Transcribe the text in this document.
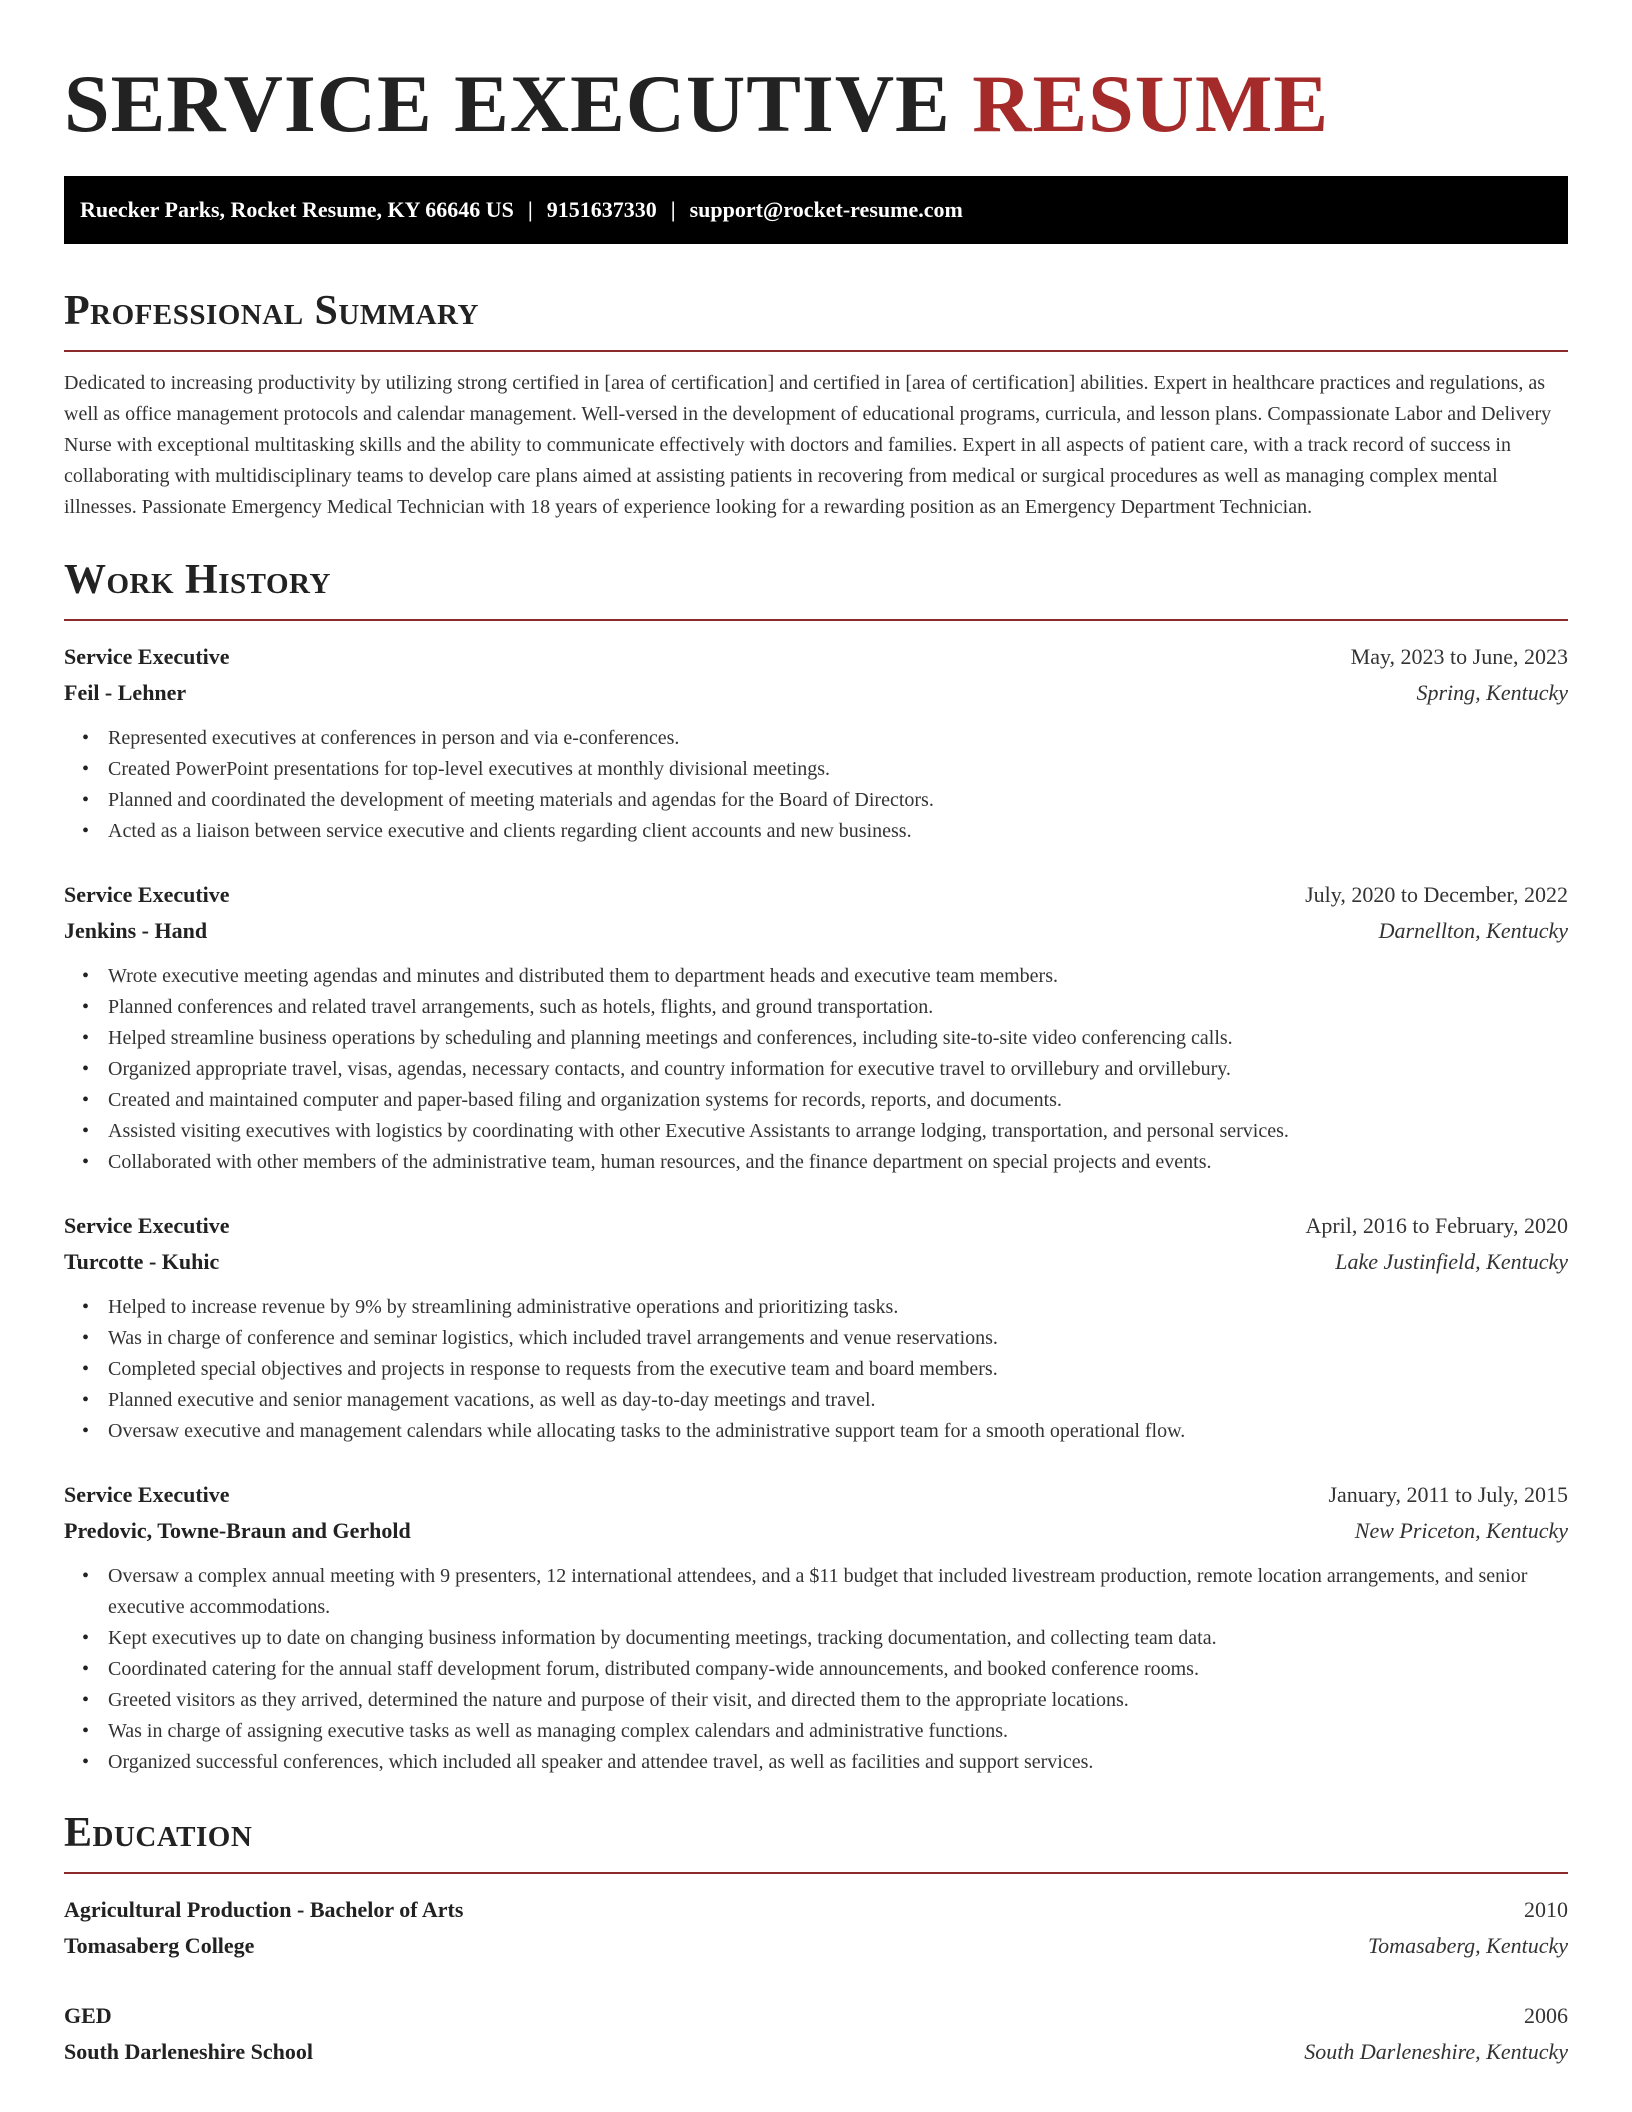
SERVICE EXECUTIVE RESUME
Ruecker Parks, Rocket Resume, KY 66646 US | 9151637330 | support@rocket-resume.com
Professional Summary

Dedicated to increasing productivity by utilizing strong certified in [area of certification] and certified in [area of certification] abilities. Expert in healthcare practices and regulations, as well as office management protocols and calendar management. Well-versed in the development of educational programs, curricula, and lesson plans. Compassionate Labor and Delivery Nurse with exceptional multitasking skills and the ability to communicate effectively with doctors and families. Expert in all aspects of patient care, with a track record of success in collaborating with multidisciplinary teams to develop care plans aimed at assisting patients in recovering from medical or surgical procedures as well as managing complex mental illnesses. Passionate Emergency Medical Technician with 18 years of experience looking for a rewarding position as an Emergency Department Technician.

Work History
Service Executive	May, 2023 to June, 2023
Feil - Lehner	Spring, Kentucky
• Represented executives at conferences in person and via e-conferences.
• Created PowerPoint presentations for top-level executives at monthly divisional meetings.
• Planned and coordinated the development of meeting materials and agendas for the Board of Directors.
• Acted as a liaison between service executive and clients regarding client accounts and new business.
Service Executive	July, 2020 to December, 2022
Jenkins - Hand	Darnellton, Kentucky
• Wrote executive meeting agendas and minutes and distributed them to department heads and executive team members.
• Planned conferences and related travel arrangements, such as hotels, flights, and ground transportation.
• Helped streamline business operations by scheduling and planning meetings and conferences, including site-to-site video conferencing calls.
• Organized appropriate travel, visas, agendas, necessary contacts, and country information for executive travel to orvillebury and orvillebury.
• Created and maintained computer and paper-based filing and organization systems for records, reports, and documents.
• Assisted visiting executives with logistics by coordinating with other Executive Assistants to arrange lodging, transportation, and personal services.
• Collaborated with other members of the administrative team, human resources, and the finance department on special projects and events.
Service Executive	April, 2016 to February, 2020
Turcotte - Kuhic	Lake Justinfield, Kentucky
• Helped to increase revenue by 9% by streamlining administrative operations and prioritizing tasks.
• Was in charge of conference and seminar logistics, which included travel arrangements and venue reservations.
• Completed special objectives and projects in response to requests from the executive team and board members.
• Planned executive and senior management vacations, as well as day-to-day meetings and travel.
• Oversaw executive and management calendars while allocating tasks to the administrative support team for a smooth operational flow.
Service Executive	January, 2011 to July, 2015
Predovic, Towne-Braun and Gerhold	New Priceton, Kentucky
• Oversaw a complex annual meeting with 9 presenters, 12 international attendees, and a $11 budget that included livestream production, remote location arrangements, and senior executive accommodations.
• Kept executives up to date on changing business information by documenting meetings, tracking documentation, and collecting team data.
• Coordinated catering for the annual staff development forum, distributed company-wide announcements, and booked conference rooms.
• Greeted visitors as they arrived, determined the nature and purpose of their visit, and directed them to the appropriate locations.
• Was in charge of assigning executive tasks as well as managing complex calendars and administrative functions.
• Organized successful conferences, which included all speaker and attendee travel, as well as facilities and support services.
Education
Agricultural Production - Bachelor of Arts	2010
Tomasaberg College	Tomasaberg, Kentucky
GED	2006
South Darleneshire School	South Darleneshire, Kentucky
